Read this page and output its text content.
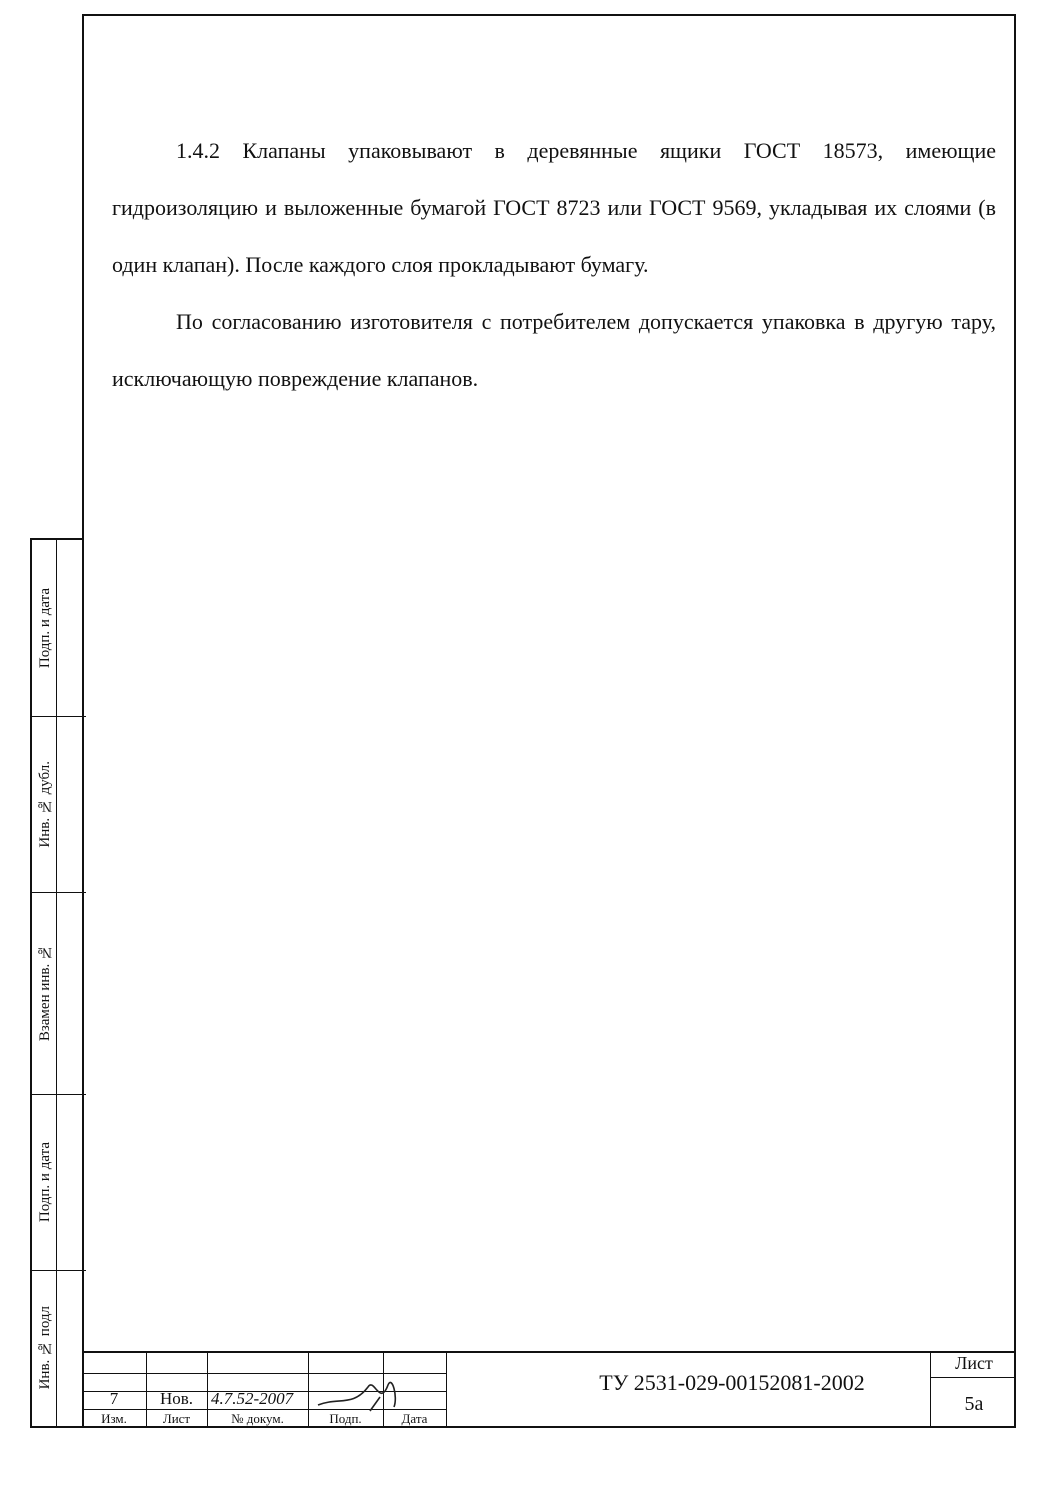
1.4.2 Клапаны упаковывают в деревянные ящики ГОСТ 18573, имеющие гидроизоляцию и выложенные бумагой ГОСТ 8723 или ГОСТ 9569, укладывая их слоями (в один клапан). После каждого слоя прокладывают бумагу.

По согласованию изготовителя с потребителем допускается упаковка в другую тару, исключающую повреждение клапанов.

Подп. и дата
Инв. № дубл.
Взамен инв. №
Подп. и дата
Инв. № подл
7	Нов.	4.7.52-2007
Изм.	Лист	№ докум.	Подп.	Дата
ТУ 2531-029-00152081-2002
Лист
5а
